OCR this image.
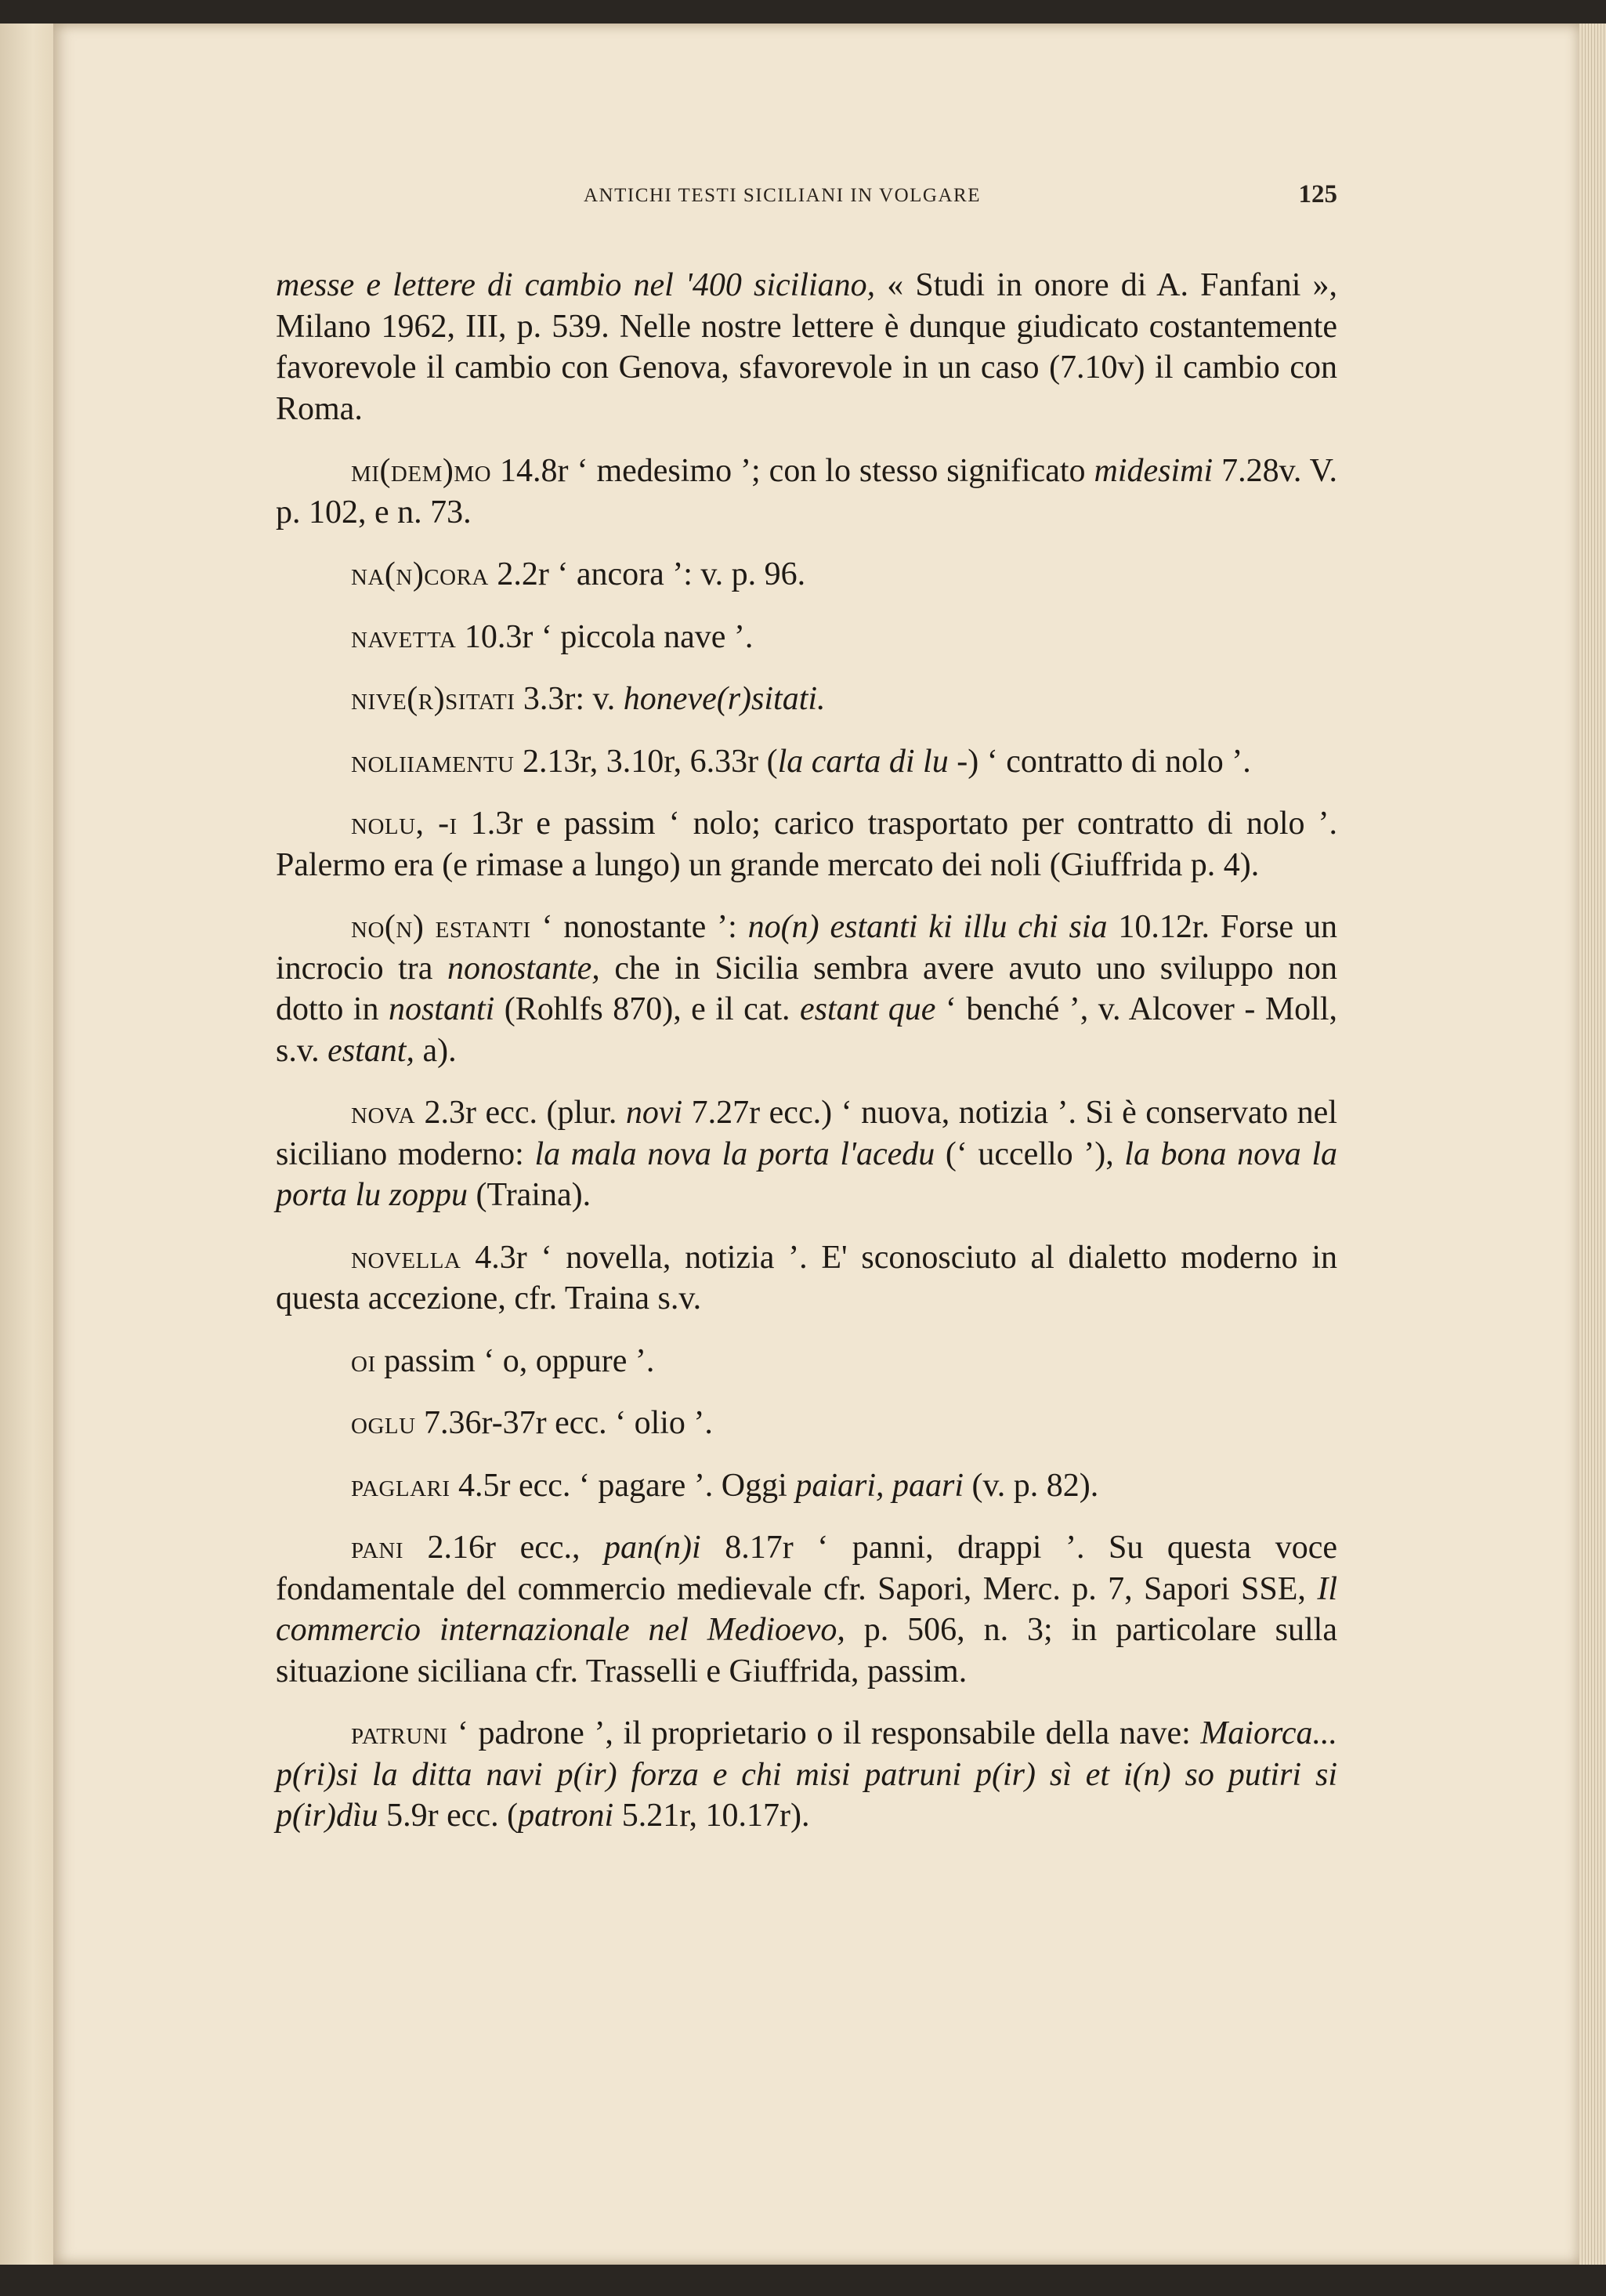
ANTICHI TESTI SICILIANI IN VOLGARE	125

messe e lettere di cambio nel '400 siciliano, « Studi in onore di A. Fanfani », Milano 1962, III, p. 539. Nelle nostre lettere è dunque giudicato costantemente favorevole il cambio con Genova, sfavorevole in un caso (7.10v) il cambio con Roma.

mi(dem)mo 14.8r ‘ medesimo ’; con lo stesso significato midesimi 7.28v. V. p. 102, e n. 73.

na(n)cora 2.2r ‘ ancora ’: v. p. 96.

navetta 10.3r ‘ piccola nave ’.

nive(r)sitati 3.3r: v. honeve(r)sitati.

noliiamentu 2.13r, 3.10r, 6.33r (la carta di lu -) ‘ contratto di nolo ’.

nolu, -i 1.3r e passim ‘ nolo; carico trasportato per contratto di nolo ’. Palermo era (e rimase a lungo) un grande mercato dei noli (Giuffrida p. 4).

no(n) estanti ‘ nonostante ’: no(n) estanti ki illu chi sia 10.12r. Forse un incrocio tra nonostante, che in Sicilia sembra avere avuto uno sviluppo non dotto in nostanti (Rohlfs 870), e il cat. estant que ‘ benché ’, v. Alcover - Moll, s.v. estant, a).

nova 2.3r ecc. (plur. novi 7.27r ecc.) ‘ nuova, notizia ’. Si è conservato nel siciliano moderno: la mala nova la porta l'acedu (‘ uccello ’), la bona nova la porta lu zoppu (Traina).

novella 4.3r ‘ novella, notizia ’. E' sconosciuto al dialetto moderno in questa accezione, cfr. Traina s.v.

oi passim ‘ o, oppure ’.

oglu 7.36r-37r ecc. ‘ olio ’.

paglari 4.5r ecc. ‘ pagare ’. Oggi paiari, paari (v. p. 82).

pani 2.16r ecc., pan(n)i 8.17r ‘ panni, drappi ’. Su questa voce fondamentale del commercio medievale cfr. Sapori, Merc. p. 7, Sapori SSE, Il commercio internazionale nel Medioevo, p. 506, n. 3; in particolare sulla situazione siciliana cfr. Trasselli e Giuffrida, passim.

patruni ‘ padrone ’, il proprietario o il responsabile della nave: Maiorca... p(ri)si la ditta navi p(ir) forza e chi misi patruni p(ir) sì et i(n) so putiri si p(ir)dìu 5.9r ecc. (patroni 5.21r, 10.17r).
